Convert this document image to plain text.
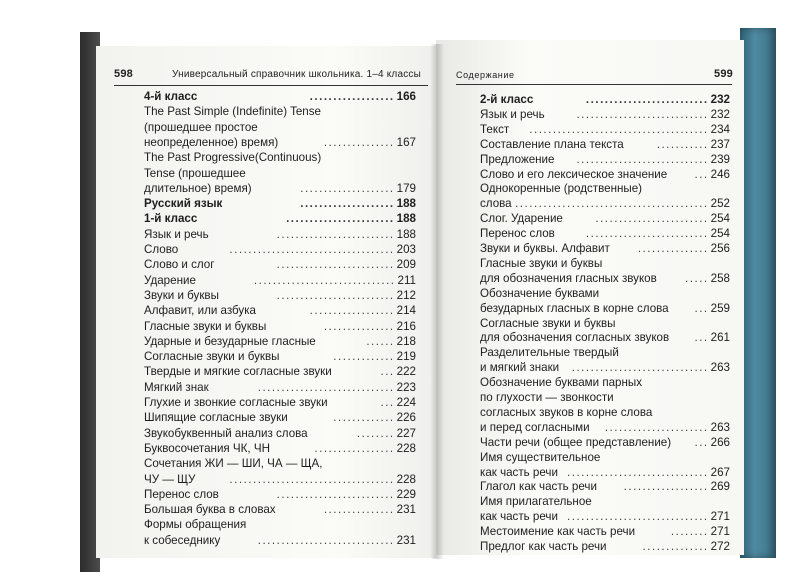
598	Универсальный справочник школьника. 1–4 классы
4-й класс	166
..................
The Past Simple (Indefinite) Tense
(прошедшее простое
неопределенное) время)	167
...............
The Past Progressive(Continuous)
Tense (прошедшее
длительное) время)	179
....................
Русский язык	188
....................
1-й класс	188
.......................
Язык и речь	188
.........................
Слово	203
...................................
Слово и слог	209
.........................
Ударение	211
..............................
Звуки и буквы	212
.........................
Алфавит, или азбука	214
..................
Гласные звуки и буквы	216
...............
Ударные и безударные гласные	218
......
Согласные звуки и буквы	219
.............
Твердые и мягкие согласные звуки	222
...
Мягкий знак	223
.............................
Глухие и звонкие согласные звуки	224
...
Шипящие согласные звуки	226
.............
Звукобуквенный анализ слова	227
........
Буквосочетания ЧК, ЧН	228
.................
Сочетания ЖИ — ШИ, ЧА — ЩА,
ЧУ — ЩУ	228
...................................
Перенос слов	229
.........................
Большая буква в словах	231
...............
Формы обращения
к собеседнику	231
.............................
Содержание	599
2-й класс	232
..........................
Язык и речь	232
............................
Текст	234
......................................
Составление плана текста	237
...........
Предложение	239
............................
Слово и его лексическое значение	246
...
Однокоренные (родственные)
слова	252
.........................................
Слог. Ударение	254
........................
Перенос слов	254
..........................
Звуки и буквы. Алфавит	256
...............
Гласные звуки и буквы
для обозначения гласных звуков	258
.....
Обозначение буквами
безударных гласных в корне слова	259
...
Согласные звуки и буквы
для обозначения согласных звуков	261
...
Разделительные твердый
и мягкий знаки	263
.............................
Обозначение буквами парных
по глухости — звонкости
согласных звуков в корне слова
и перед согласными	263
......................
Части речи (общее представление)	266
...
Имя существительное
как часть речи	267
..............................
Глагол как часть речи	269
..................
Имя прилагательное
как часть речи	271
..............................
Местоимение как часть речи	271
........
Предлог как часть речи	272
..............
